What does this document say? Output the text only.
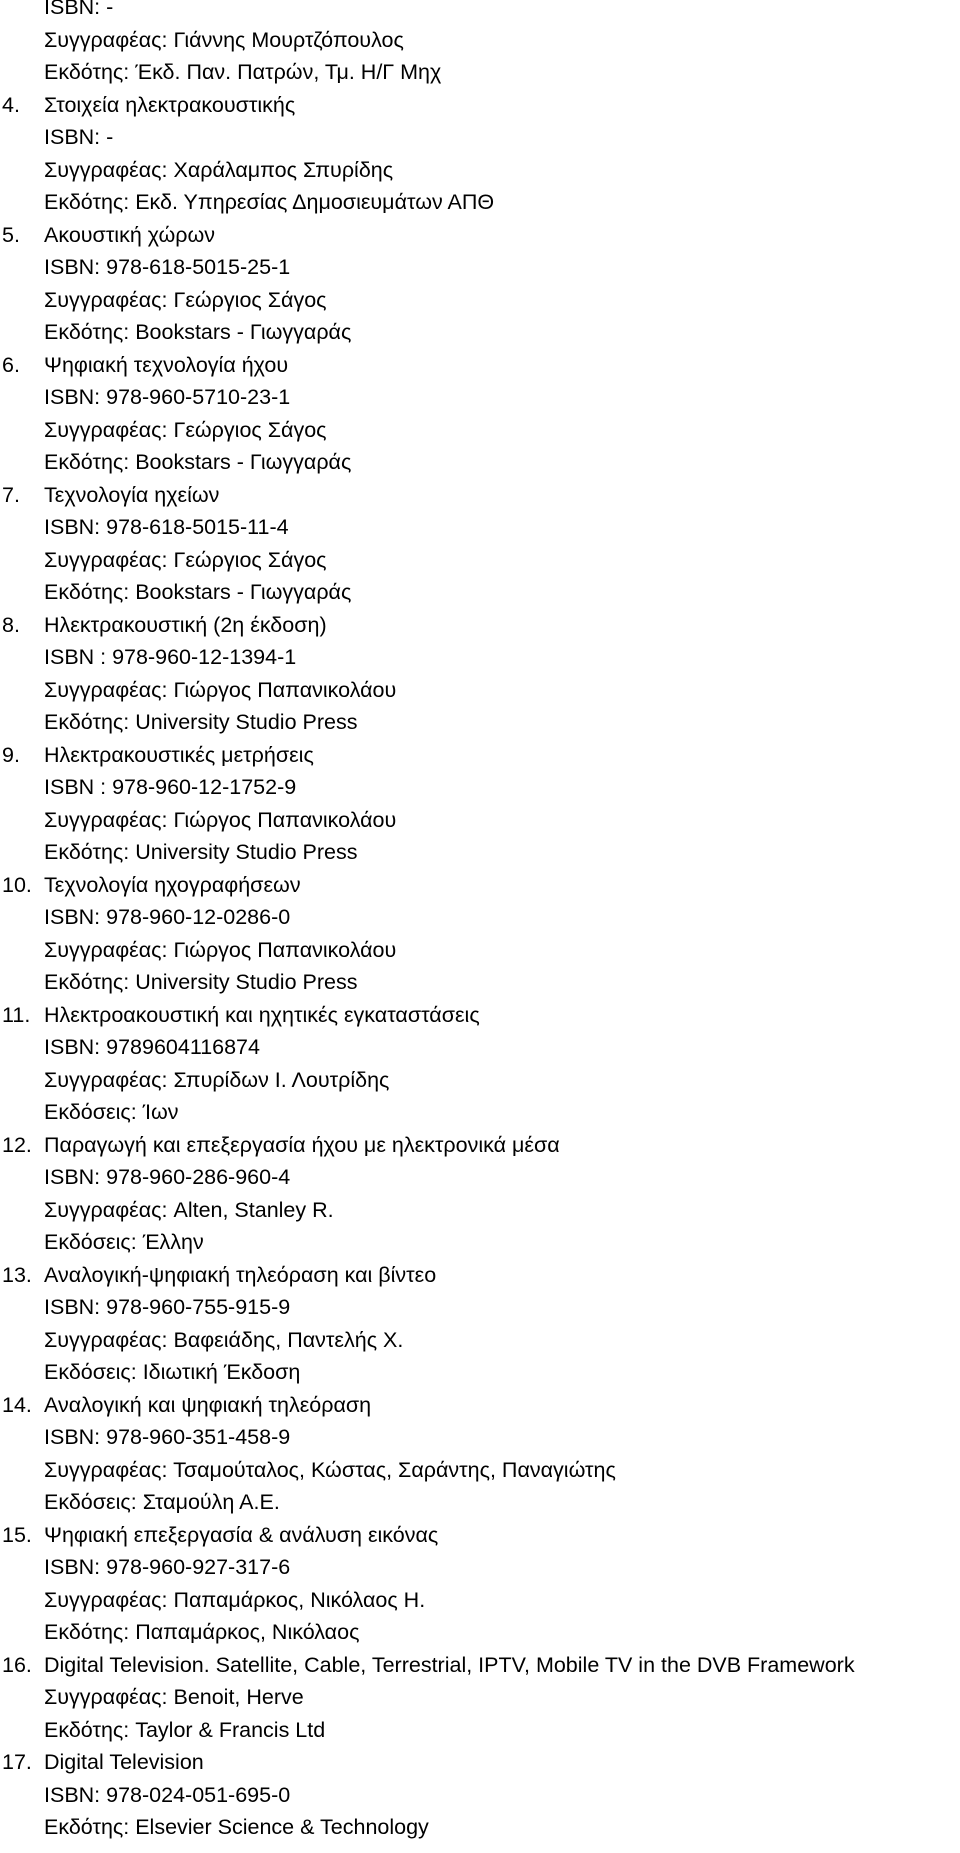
ISBN: -
Συγγραφέας: Γιάννης Μουρτζόπουλος
Εκδότης: Έκδ. Παν. Πατρών, Τμ. Η/Γ Μηχ
4.	Στοιχεία ηλεκτρακουστικής
ISBN: -
Συγγραφέας: Χαράλαμπος Σπυρίδης
Εκδότης: Εκδ. Υπηρεσίας Δημοσιευμάτων ΑΠΘ
5.	Ακουστική χώρων
ISBN: 978-618-5015-25-1
Συγγραφέας: Γεώργιος Σάγος
Εκδότης: Bookstars - Γιωγγαράς
6.	Ψηφιακή τεχνολογία ήχου
ISBN: 978-960-5710-23-1
Συγγραφέας: Γεώργιος Σάγος
Εκδότης: Bookstars - Γιωγγαράς
7.	Τεχνολογία ηχείων
ISBN: 978-618-5015-11-4
Συγγραφέας: Γεώργιος Σάγος
Εκδότης: Bookstars - Γιωγγαράς
8.	Ηλεκτρακουστική (2η έκδοση)
ISBN : 978-960-12-1394-1
Συγγραφέας: Γιώργος Παπανικολάου
Εκδότης: University Studio Press
9.	Ηλεκτρακουστικές μετρήσεις
ISBN : 978-960-12-1752-9
Συγγραφέας: Γιώργος Παπανικολάου
Εκδότης: University Studio Press
10. Τεχνολογία ηχογραφήσεων
ISBN: 978-960-12-0286-0
Συγγραφέας: Γιώργος Παπανικολάου
Εκδότης: University Studio Press
11. Ηλεκτροακουστική και ηχητικές εγκαταστάσεις
ISBN: 9789604116874
Συγγραφέας: Σπυρίδων Ι. Λουτρίδης
Εκδόσεις: Ίων
12. Παραγωγή και επεξεργασία ήχου με ηλεκτρονικά μέσα
ISBN: 978-960-286-960-4
Συγγραφέας: Alten, Stanley R.
Εκδόσεις: Έλλην
13. Αναλογική-ψηφιακή τηλεόραση και βίντεο
ISBN: 978-960-755-915-9
Συγγραφέας: Βαφειάδης, Παντελής Χ.
Εκδόσεις: Ιδιωτική Έκδοση
14. Αναλογική και ψηφιακή τηλεόραση
ISBN: 978-960-351-458-9
Συγγραφέας: Τσαμούταλος, Κώστας, Σαράντης, Παναγιώτης
Εκδόσεις: Σταμούλη Α.Ε.
15. Ψηφιακή επεξεργασία & ανάλυση εικόνας
ISBN: 978-960-927-317-6
Συγγραφέας: Παπαμάρκος, Νικόλαος Η.
Εκδότης: Παπαμάρκος, Νικόλαος
16. Digital Television. Satellite, Cable, Terrestrial, IPTV, Mobile TV in the DVB Framework
Συγγραφέας: Benoit, Herve
Εκδότης: Taylor & Francis Ltd
17. Digital Television
ISBN: 978-024-051-695-0
Εκδότης: Elsevier Science & Technology
